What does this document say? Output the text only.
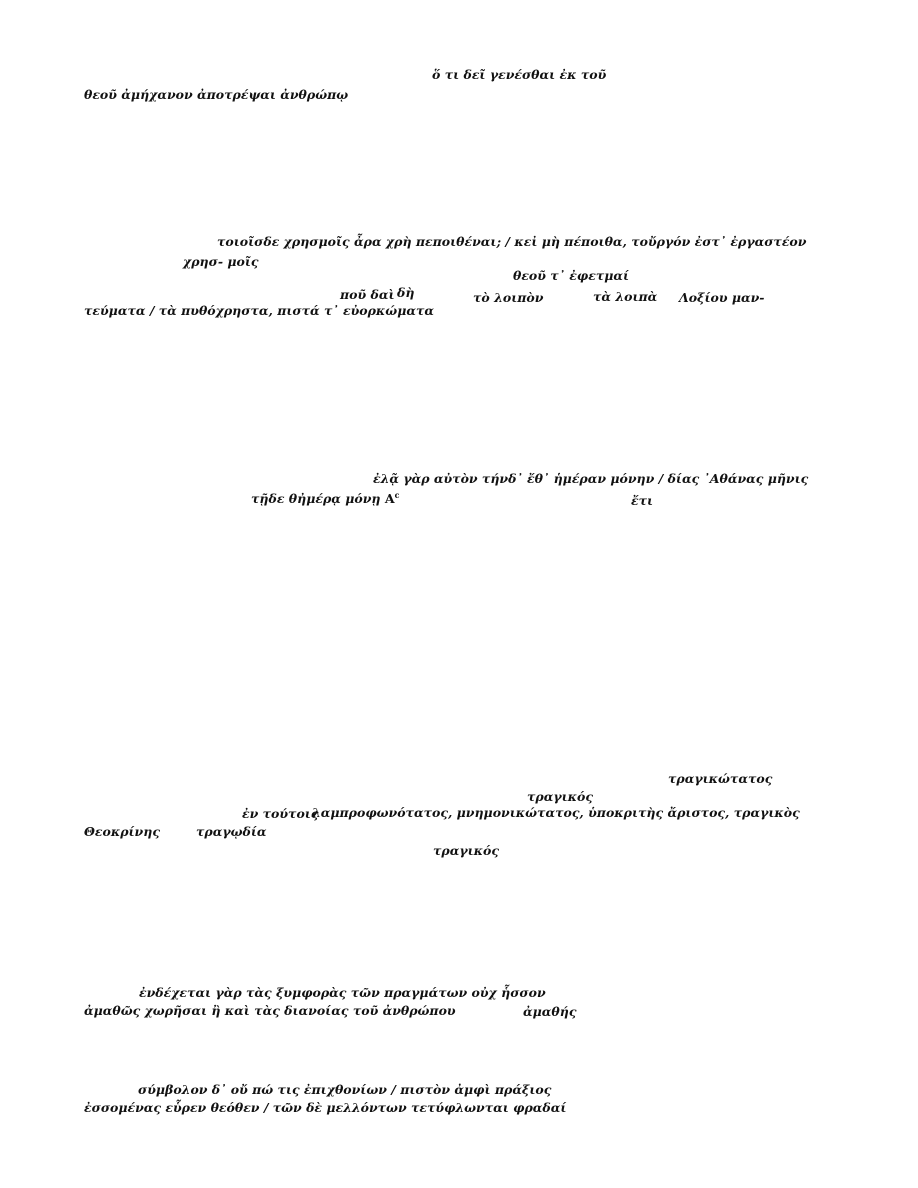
ὅ τι δεῖ γενέσθαι ἐκ τοῦ
θεοῦ ἀμήχανον ἀποτρέψαι ἀνθρώπῳ
τοιοῖσδε χρησμοῖς ἆρα χρὴ πεποιθέναι; / κεἰ μὴ πέποιθα, τοὔργόν ἐστ᾽ ἐργαστέον
χρησ- μοῖς
θεοῦ τ᾽ ἐφετμαί
ποῦ δαὶ δὴ	τὸ λοιπὸν	τὰ λοιπὰ Λοξίου μαν-
τεύματα / τὰ πυθόχρηστα, πιστά τ᾽ εὐορκώματα
ἐλᾷ γὰρ αὐτὸν τήνδ᾽ ἔθ᾽ ἡμέραν μόνην / δίας ᾿Αθάνας μῆνις
τῇδε θἠμέρᾳ μόνῃ $A^c$	ἔτι
τραγικώτατος
τραγικός
ἐν τούτοις
λαμπροφωνότατος, μνημονικώτατος, ὑποκριτὴς ἄριστος, τραγικὸς
Θεοκρίνης	τραγῳδία
τραγικός
ἐνδέχεται γὰρ τὰς ξυμφορὰς τῶν πραγμάτων οὐχ ἧσσον
ἀμαθῶς χωρῆσαι ἢ καὶ τὰς διανοίας τοῦ ἀνθρώπου	ἀμαθής
σύμβολον δ᾽ οὔ πώ τις ἐπιχθονίων / πιστὸν ἀμφὶ πράξιος
ἐσσομένας εὗρεν θεόθεν / τῶν δὲ μελλόντων τετύφλωνται φραδαί
